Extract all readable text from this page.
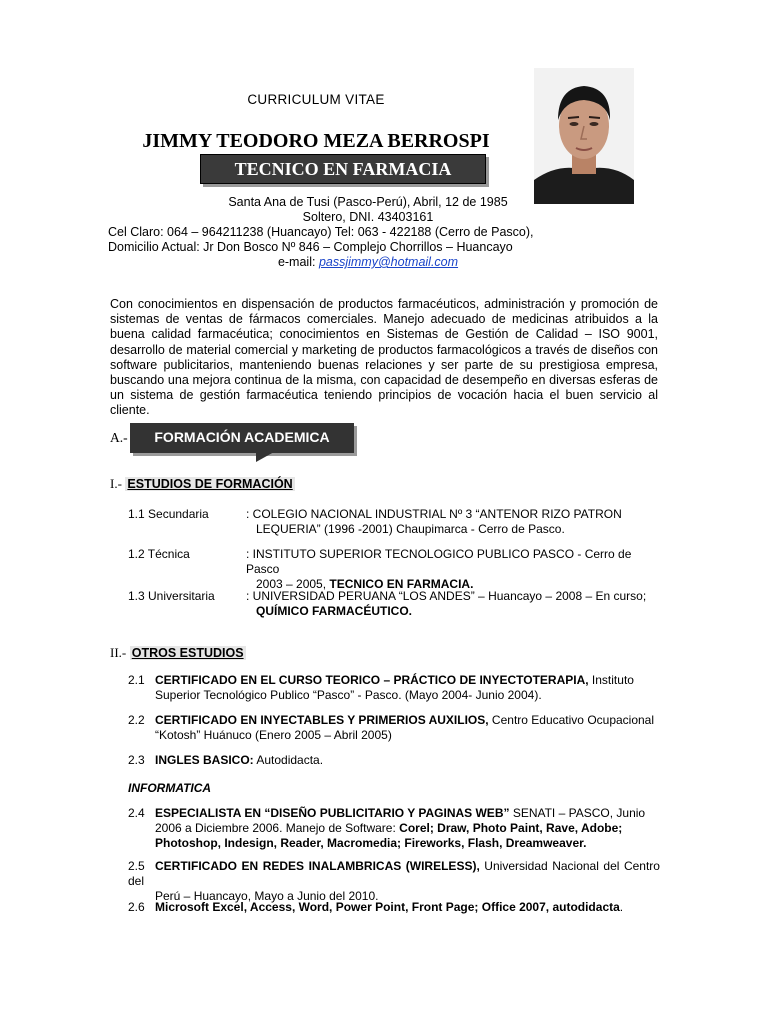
CURRICULUM VITAE
JIMMY TEODORO MEZA BERROSPI
TECNICO EN FARMACIA
Santa Ana de Tusi (Pasco-Perú), Abril, 12 de 1985
Soltero, DNI. 43403161
Cel Claro: 064 – 964211238 (Huancayo) Tel: 063 - 422188 (Cerro de Pasco),
Domicilio Actual: Jr Don Bosco Nº 846 – Complejo Chorrillos – Huancayo
e-mail: passjimmy@hotmail.com
Con conocimientos en dispensación de productos farmacéuticos, administración y promoción de sistemas de ventas de fármacos comerciales. Manejo adecuado de medicinas atribuidos a la buena calidad farmacéutica; conocimientos en Sistemas de Gestión de Calidad – ISO 9001, desarrollo de material comercial y marketing de productos farmacológicos a través de diseños con software publicitarios, manteniendo buenas relaciones y ser parte de su prestigiosa empresa, buscando una mejora continua de la misma, con capacidad de desempeño en diversas esferas de un sistema de gestión farmacéutica teniendo principios de vocación hacia el buen servicio al cliente.
A.-	FORMACIÓN ACADEMICA
I.- ESTUDIOS DE FORMACIÓN
1.1 Secundaria	: COLEGIO NACIONAL INDUSTRIAL Nº 3 “ANTENOR RIZO PATRON
LEQUERIA” (1996 -2001) Chaupimarca - Cerro de Pasco.
1.2 Técnica	: INSTITUTO SUPERIOR TECNOLOGICO PUBLICO PASCO - Cerro de Pasco
2003 – 2005, TECNICO EN FARMACIA.
1.3 Universitaria	: UNIVERSIDAD PERUANA “LOS ANDES” – Huancayo – 2008 – En curso;
QUÍMICO FARMACÉUTICO.
II.- OTROS ESTUDIOS
2.1 CERTIFICADO EN EL CURSO TEORICO – PRÁCTICO DE INYECTOTERAPIA, Instituto
Superior Tecnológico Publico “Pasco” - Pasco. (Mayo 2004- Junio 2004).
2.2 CERTIFICADO EN INYECTABLES Y PRIMERIOS AUXILIOS, Centro Educativo Ocupacional
“Kotosh” Huánuco (Enero 2005 – Abril 2005)
2.3 INGLES BASICO: Autodidacta.
INFORMATICA
2.4 ESPECIALISTA EN “DISEÑO PUBLICITARIO Y PAGINAS WEB” SENATI – PASCO, Junio
2006 a Diciembre 2006. Manejo de Software: Corel; Draw, Photo Paint, Rave, Adobe;
Photoshop, Indesign, Reader, Macromedia; Fireworks, Flash, Dreamweaver.
2.5 CERTIFICADO EN REDES INALAMBRICAS (WIRELESS), Universidad Nacional del Centro del
Perú – Huancayo, Mayo a Junio del 2010.
2.6 Microsoft Excel, Access, Word, Power Point, Front Page; Office 2007, autodidacta.
